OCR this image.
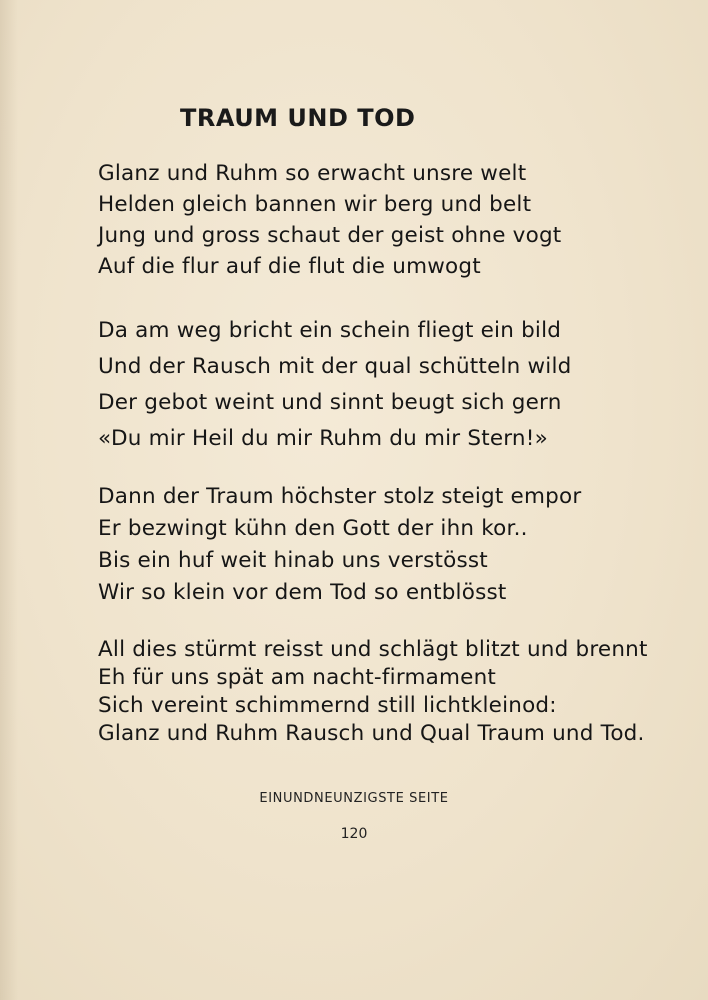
TRAUM UND TOD
Glanz und Ruhm so erwacht unsre welt
Helden gleich bannen wir berg und belt
Jung und gross schaut der geist ohne vogt
Auf die flur auf die flut die umwogt
Da am weg bricht ein schein fliegt ein bild
Und der Rausch mit der qual schütteln wild
Der gebot weint und sinnt beugt sich gern
«Du mir Heil du mir Ruhm du mir Stern!»
Dann der Traum höchster stolz steigt empor
Er bezwingt kühn den Gott der ihn kor..
Bis ein huf weit hinab uns verstösst
Wir so klein vor dem Tod so entblösst
All dies stürmt reisst und schlägt blitzt und brennt
Eh für uns spät am nacht-firmament
Sich vereint schimmernd still lichtkleinod:
Glanz und Ruhm Rausch und Qual Traum und Tod.

EINUNDNEUNZIGSTE SEITE

120
